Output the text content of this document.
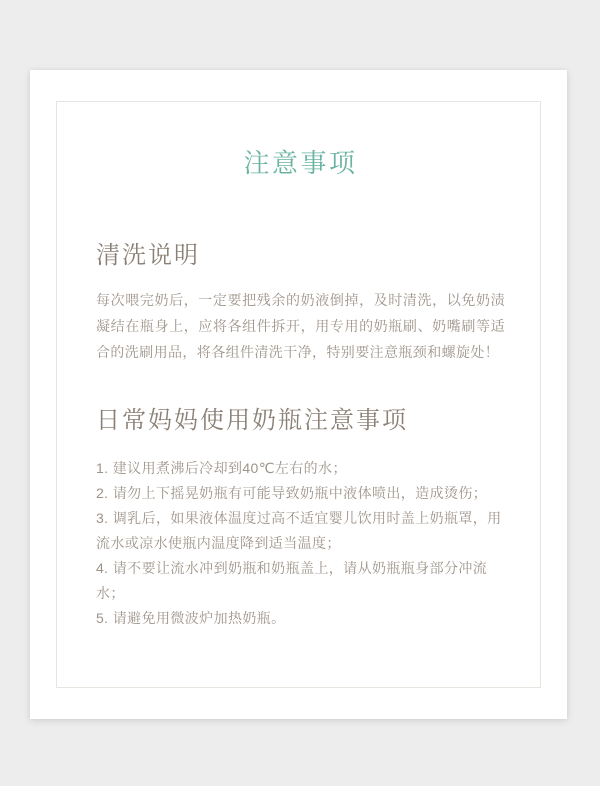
注意事项
清洗说明
每次喂完奶后，一定要把残余的奶液倒掉，及时清洗，以免奶渍凝结在瓶身上，应将各组件拆开，用专用的奶瓶刷、奶嘴刷等适合的洗刷用品，将各组件清洗干净，特别要注意瓶颈和螺旋处！
日常妈妈使用奶瓶注意事项
1. 建议用煮沸后冷却到40℃左右的水；
2. 请勿上下摇晃奶瓶有可能导致奶瓶中液体喷出，造成烫伤；
3. 调乳后，如果液体温度过高不适宜婴儿饮用时盖上奶瓶罩，用流水或凉水使瓶内温度降到适当温度；
4. 请不要让流水冲到奶瓶和奶瓶盖上，请从奶瓶瓶身部分冲流水；
5. 请避免用微波炉加热奶瓶。
